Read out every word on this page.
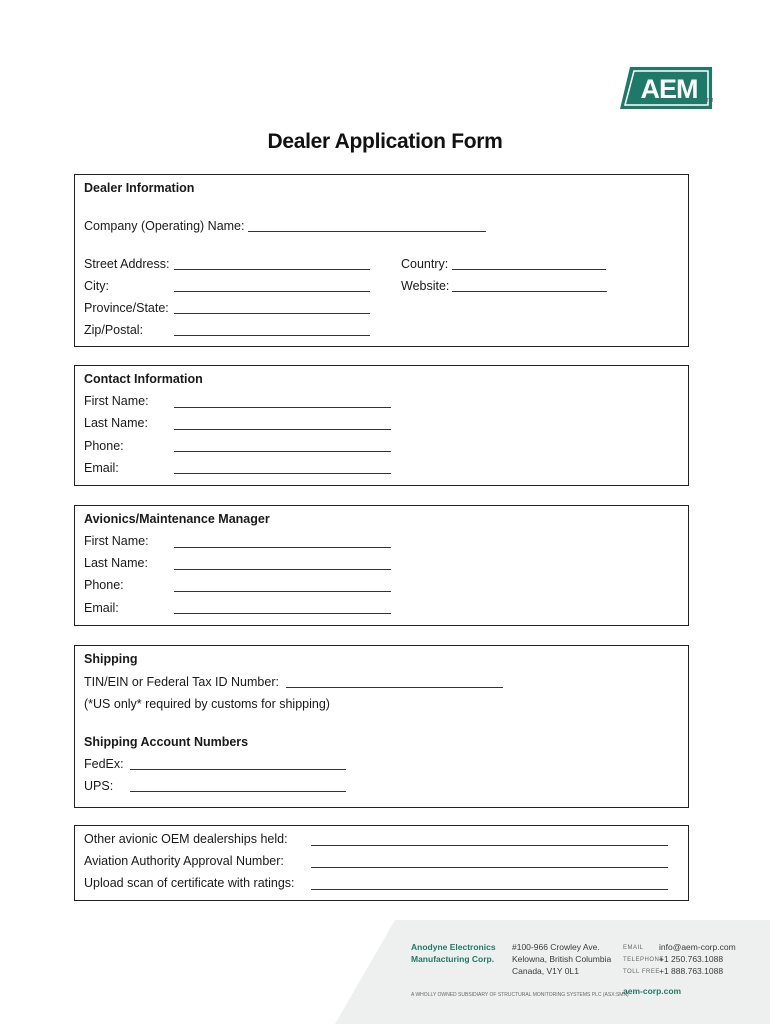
AEM TM
Dealer Application Form
Dealer Information
Company (Operating) Name:
Street Address:	Country:
City:	Website:
Province/State:
Zip/Postal:
Contact Information
First Name:
Last Name:
Phone:
Email:
Avionics/Maintenance Manager
First Name:
Last Name:
Phone:
Email:
Shipping
TIN/EIN or Federal Tax ID Number:
(*US only* required by customs for shipping)
Shipping Account Numbers
FedEx:
UPS:
Other avionic OEM dealerships held:
Aviation Authority Approval Number:
Upload scan of certificate with ratings:
Anodyne Electronics
Manufacturing Corp.
#100-966 Crowley Ave.
Kelowna, British Columbia
Canada, V1Y 0L1
EMAIL info@aem-corp.com
TELEPHONE
+1 250.763.1088
TOLL FREE +1 888.763.1088
A WHOLLY OWNED SUBSIDIARY OF STRUCTURAL MONITORING SYSTEMS PLC (ASX:SMN)
aem-corp.com
